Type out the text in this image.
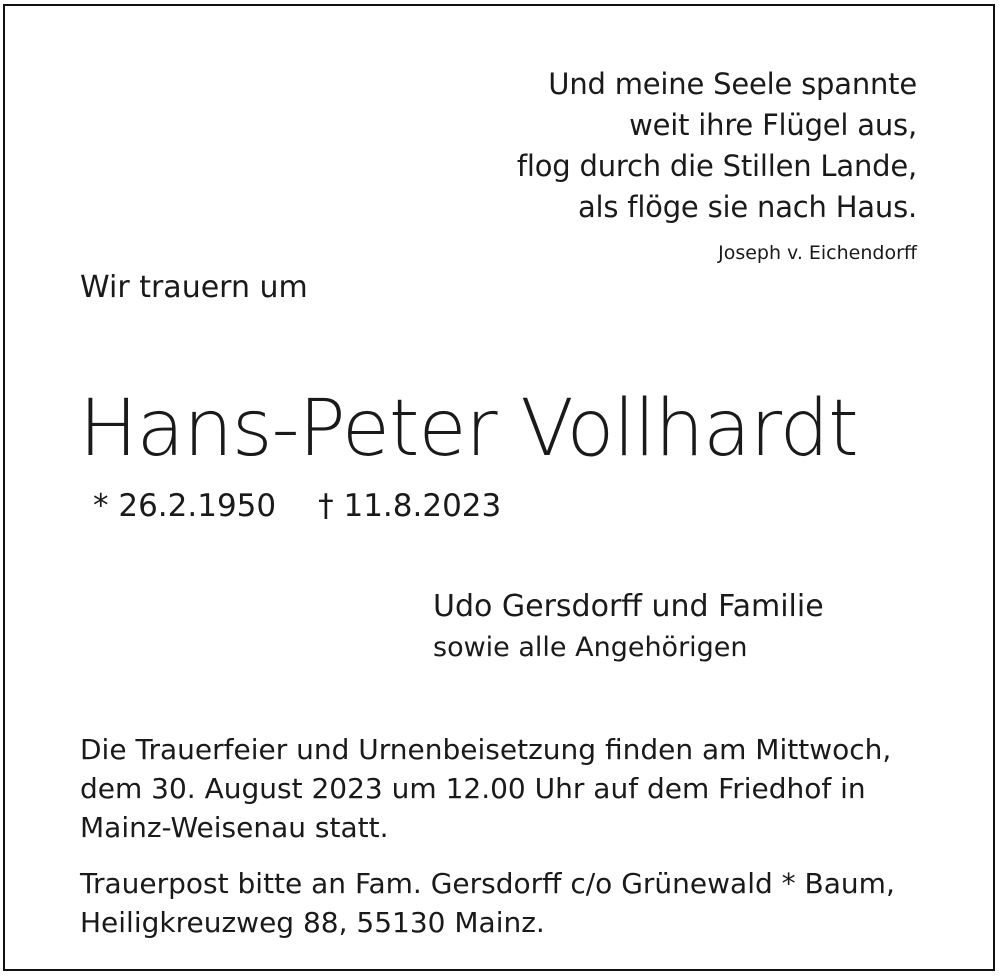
Und meine Seele spannte
weit ihre Flügel aus,
flog durch die Stillen Lande,
als flöge sie nach Haus.
Joseph v. Eichendorff
Wir trauern um
Hans-Peter Vollhardt
* 26.2.1950 † 11.8.2023
Udo Gersdorff und Familie
sowie alle Angehörigen
Die Trauerfeier und Urnenbeisetzung finden am Mittwoch,
dem 30. August 2023 um 12.00 Uhr auf dem Friedhof in
Mainz-Weisenau statt.
Trauerpost bitte an Fam. Gersdorff c/o Grünewald * Baum,
Heiligkreuzweg 88, 55130 Mainz.
